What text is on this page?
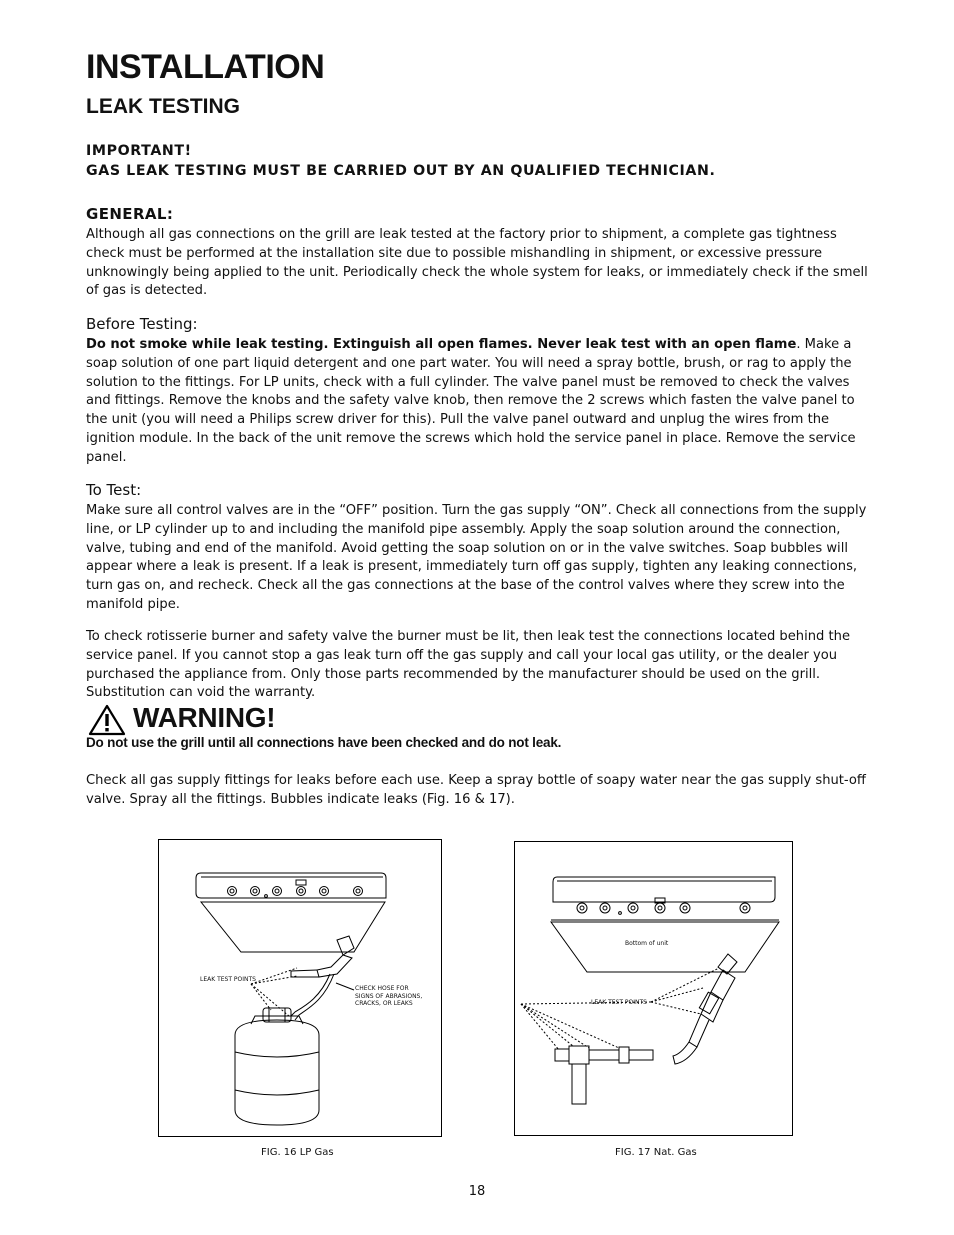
INSTALLATION
LEAK TESTING
IMPORTANT!
GAS LEAK TESTING MUST BE CARRIED OUT BY AN QUALIFIED TECHNICIAN.
GENERAL:
Although all gas connections on the grill are leak tested at the factory prior to shipment, a complete gas tightness check must be performed at the installation site due to possible mishandling in shipment, or excessive pressure unknowingly being applied to the unit. Periodically check the whole system for leaks, or immediately check if the smell of gas is detected.
Before Testing:
Do not smoke while leak testing. Extinguish all open flames. Never leak test with an open flame. Make a soap solution of one part liquid detergent and one part water. You will need a spray bottle, brush, or rag to apply the solution to the fittings. For LP units, check with a full cylinder. The valve panel must be removed to check the valves and fittings. Remove the knobs and the safety valve knob, then remove the 2 screws which fasten the valve panel to the unit (you will need a Philips screw driver for this). Pull the valve panel outward and unplug the wires from the ignition module. In the back of the unit remove the screws which hold the service panel in place. Remove the service panel.
To Test:
Make sure all control valves are in the “OFF” position. Turn the gas supply “ON”. Check all connections from the supply line, or LP cylinder up to and including the manifold pipe assembly. Apply the soap solution around the connection, valve, tubing and end of the manifold. Avoid getting the soap solution on or in the valve switches. Soap bubbles will appear where a leak is present. If a leak is present, immediately turn off gas supply, tighten any leaking connections, turn gas on, and recheck. Check all the gas connections at the base of the control valves where they screw into the manifold pipe.
To check rotisserie burner and safety valve the burner must be lit, then leak test the connections located behind the service panel. If you cannot stop a gas leak turn off the gas supply and call your local gas utility, or the dealer you purchased the appliance from. Only those parts recommended by the manufacturer should be used on the grill. Substitution can void the warranty.
WARNING!
Do not use the grill until all connections have been checked and do not leak.
Check all gas supply fittings for leaks before each use. Keep a spray bottle of soapy water near the gas supply shut-off valve. Spray all the fittings. Bubbles indicate leaks (Fig. 16 & 17).
LEAK TEST POINTS
CHECK HOSE FOR
SIGNS OF ABRASIONS,
CRACKS, OR LEAKS
Bottom of unit
LEAK TEST POINTS
FIG. 16 LP Gas	FIG. 17 Nat. Gas
18
